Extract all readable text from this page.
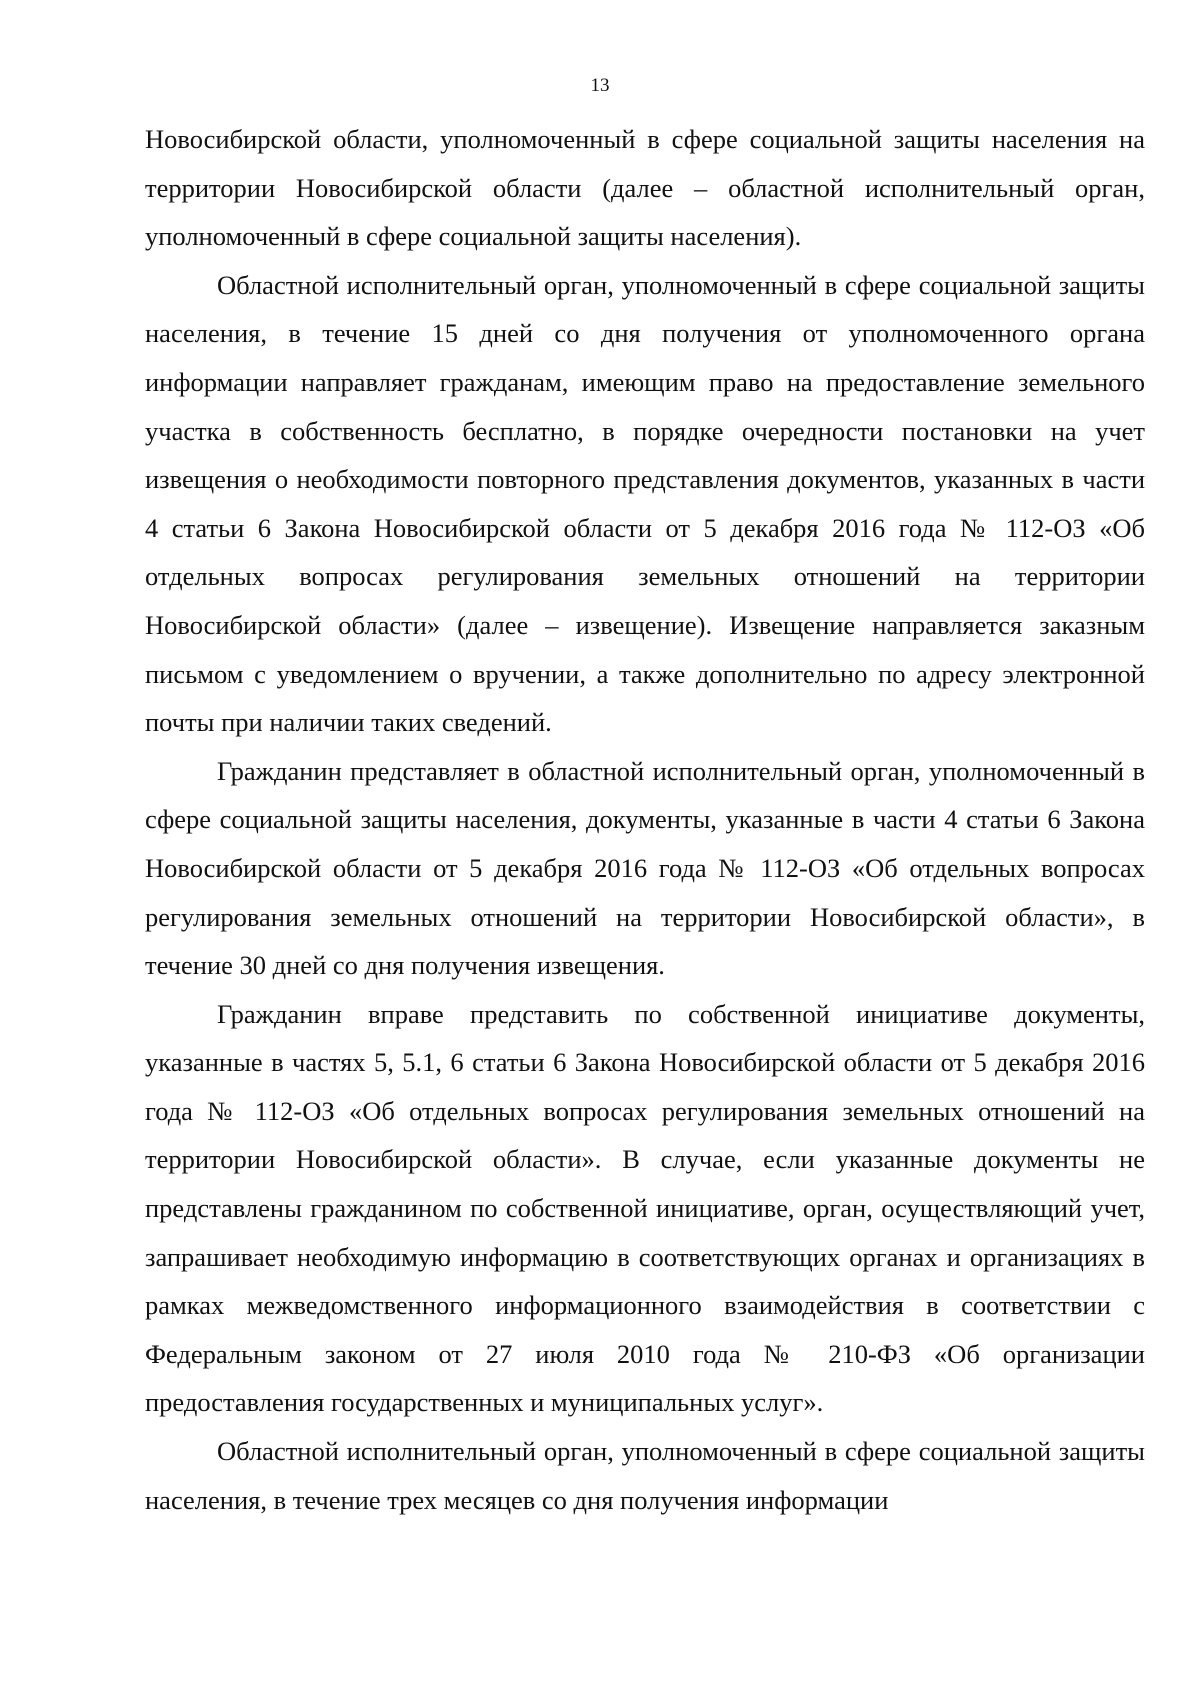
13

Новосибирской области, уполномоченный в сфере социальной защиты населения на территории Новосибирской области (далее – областной исполнительный орган, уполномоченный в сфере социальной защиты населения).

Областной исполнительный орган, уполномоченный в сфере социальной защиты населения, в течение 15 дней со дня получения от уполномоченного органа информации направляет гражданам, имеющим право на предоставление земельного участка в собственность бесплатно, в порядке очередности постановки на учет извещения о необходимости повторного представления документов, указанных в части 4 статьи 6 Закона Новосибирской области от 5 декабря 2016 года № 112-ОЗ «Об отдельных вопросах регулирования земельных отношений на территории Новосибирской области» (далее – извещение). Извещение направляется заказным письмом с уведомлением о вручении, а также дополнительно по адресу электронной почты при наличии таких сведений.

Гражданин представляет в областной исполнительный орган, уполномоченный в сфере социальной защиты населения, документы, указанные в части 4 статьи 6 Закона Новосибирской области от 5 декабря 2016 года № 112-ОЗ «Об отдельных вопросах регулирования земельных отношений на территории Новосибирской области», в течение 30 дней со дня получения извещения.

Гражданин вправе представить по собственной инициативе документы, указанные в частях 5, 5.1, 6 статьи 6 Закона Новосибирской области от 5 декабря 2016 года № 112-ОЗ «Об отдельных вопросах регулирования земельных отношений на территории Новосибирской области». В случае, если указанные документы не представлены гражданином по собственной инициативе, орган, осуществляющий учет, запрашивает необходимую информацию в соответствующих органах и организациях в рамках межведомственного информационного взаимодействия в соответствии с Федеральным законом от 27 июля 2010 года № 210-ФЗ «Об организации предоставления государственных и муниципальных услуг».

Областной исполнительный орган, уполномоченный в сфере социальной защиты населения, в течение трех месяцев со дня получения информации
